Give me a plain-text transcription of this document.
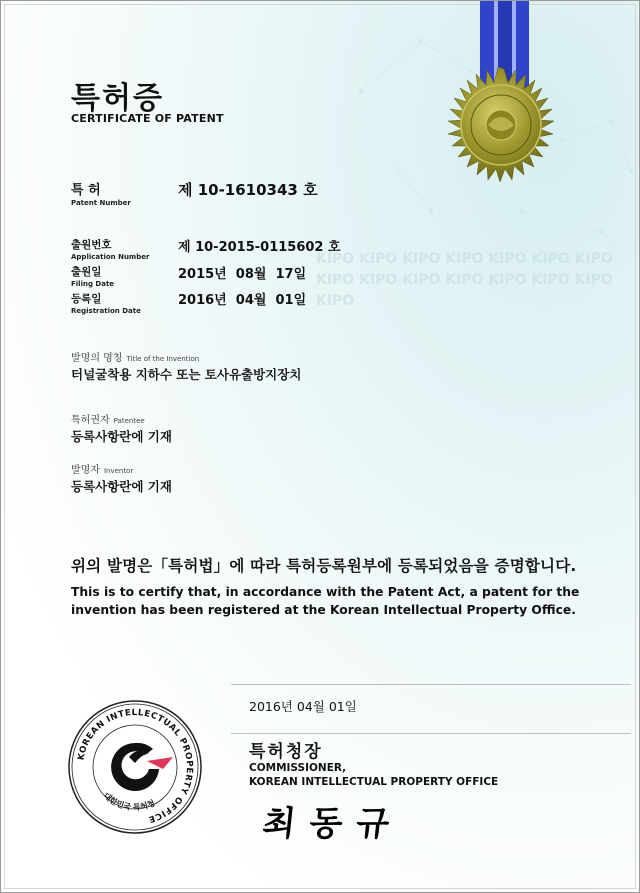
KIPO KIPO KIPO KIPO KIPO KIPO KIPO KIPO KIPO KIPO KIPO KIPO KIPO KIPO KIPO
특허증
CERTIFICATE OF PATENT
특 허
Patent Number
제 10-1610343 호
출원번호
Application Number
제 10-2015-0115602 호
출원일
Filing Date
2015년  08월  17일
등록일
Registration Date
2016년  04월  01일
발명의 명칭 Title of the Invention
터널굴착용 지하수 또는 토사유출방지장치
특허권자 Patentee
등록사항란에 기재
발명자 Inventor
등록사항란에 기재
위의 발명은「특허법」에 따라 특허등록원부에 등록되었음을 증명합니다.
This is to certify that, in accordance with the Patent Act, a patent for the invention has been registered at the Korean Intellectual Property Office.
2016년 04월 01일
특허청장
COMMISSIONER,
KOREAN INTELLECTUAL PROPERTY OFFICE
최동규
KOREAN INTELLECTUAL PROPERTY OFFICE
대한민국 특허청
